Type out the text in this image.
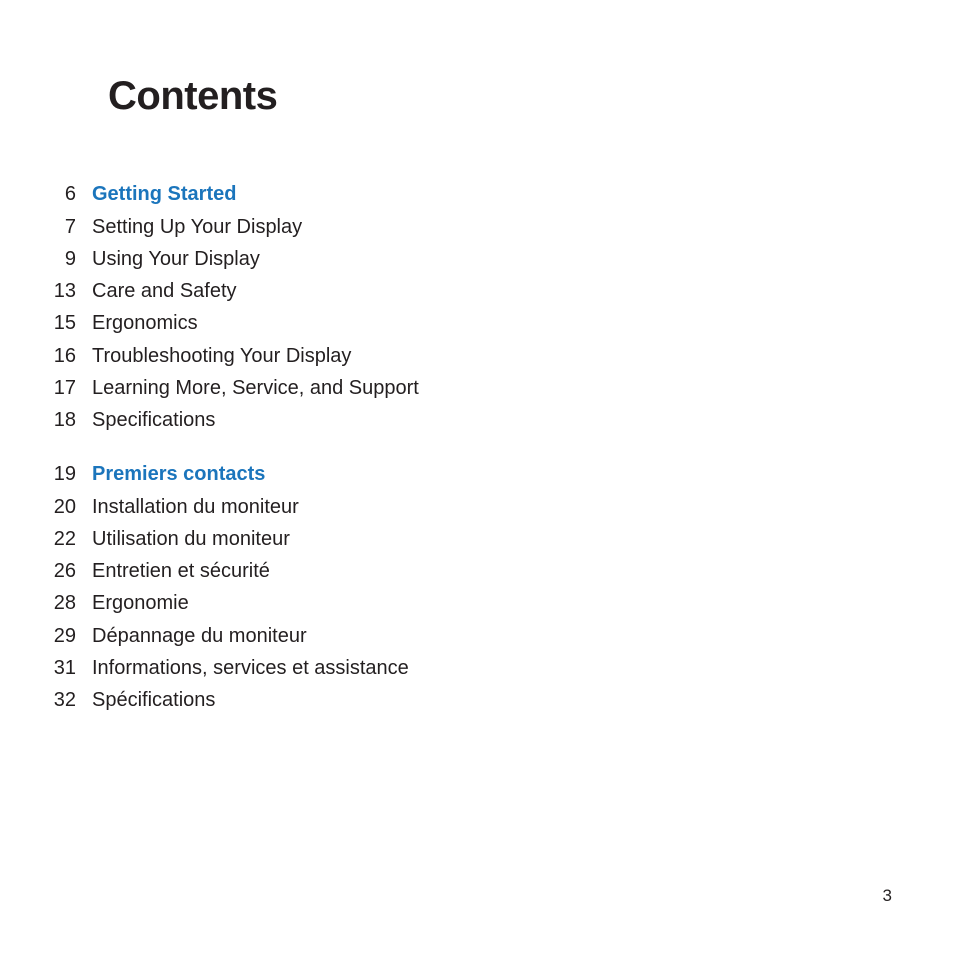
Contents
6 Getting Started
7 Setting Up Your Display
9 Using Your Display
13 Care and Safety
15 Ergonomics
16 Troubleshooting Your Display
17 Learning More, Service, and Support
18 Specifications
19 Premiers contacts
20 Installation du moniteur
22 Utilisation du moniteur
26 Entretien et sécurité
28 Ergonomie
29 Dépannage du moniteur
31 Informations, services et assistance
32 Spécifications
3
